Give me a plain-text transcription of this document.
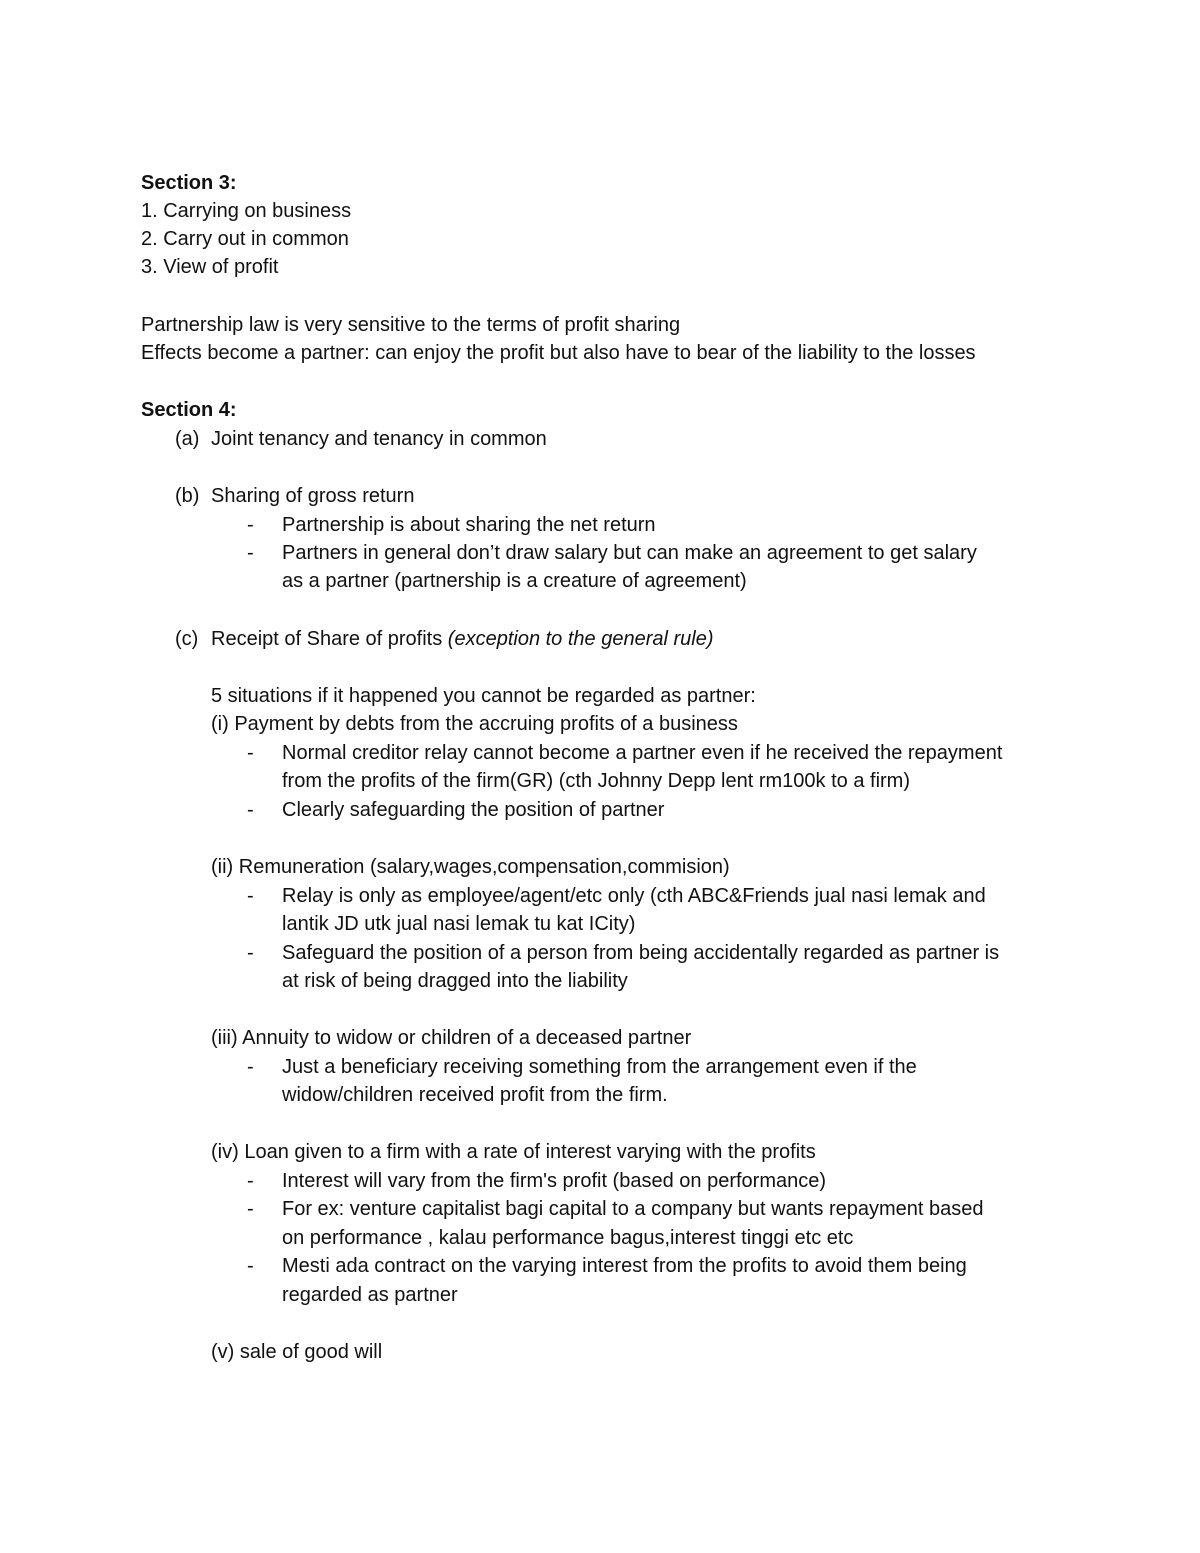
Section 3:
1. Carrying on business
2. Carry out in common
3. View of profit
Partnership law is very sensitive to the terms of profit sharing
Effects become a partner: can enjoy the profit but also have to bear of the liability to the losses
Section 4:
(a) Joint tenancy and tenancy in common
(b) Sharing of gross return
- Partnership is about sharing the net return
- Partners in general don’t draw salary but can make an agreement to get salary
as a partner (partnership is a creature of agreement)
(c) Receipt of Share of profits (exception to the general rule)
5 situations if it happened you cannot be regarded as partner:
(i) Payment by debts from the accruing profits of a business
- Normal creditor relay cannot become a partner even if he received the repayment
from the profits of the firm(GR) (cth Johnny Depp lent rm100k to a firm)
- Clearly safeguarding the position of partner
(ii) Remuneration (salary,wages,compensation,commision)
- Relay is only as employee/agent/etc only (cth ABC&Friends jual nasi lemak and
lantik JD utk jual nasi lemak tu kat ICity)
- Safeguard the position of a person from being accidentally regarded as partner is
at risk of being dragged into the liability
(iii) Annuity to widow or children of a deceased partner
- Just a beneficiary receiving something from the arrangement even if the
widow/children received profit from the firm.
(iv) Loan given to a firm with a rate of interest varying with the profits
- Interest will vary from the firm's profit (based on performance)
- For ex: venture capitalist bagi capital to a company but wants repayment based
on performance , kalau performance bagus,interest tinggi etc etc
- Mesti ada contract on the varying interest from the profits to avoid them being
regarded as partner
(v) sale of good will
